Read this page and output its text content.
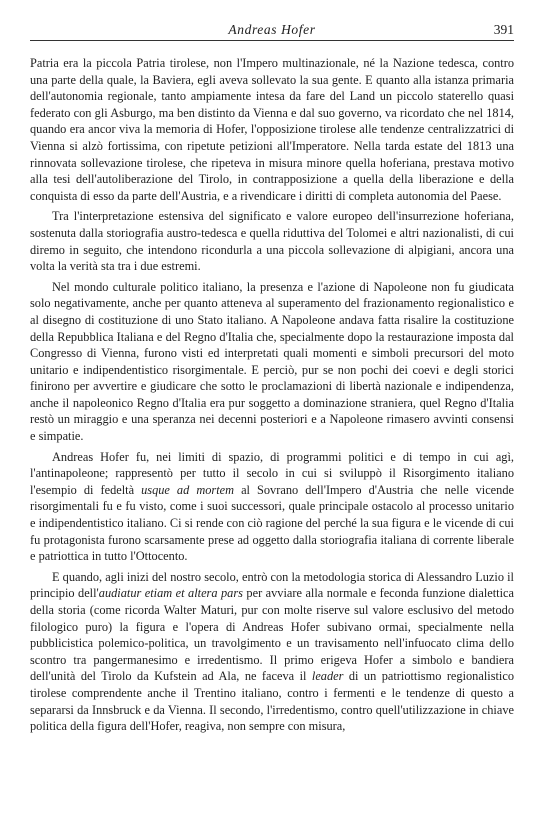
Andreas Hofer	391

Patria era la piccola Patria tirolese, non l'Impero multinazionale, né la Nazione tedesca, contro una parte della quale, la Baviera, egli aveva sollevato la sua gente. E quanto alla istanza primaria dell'autonomia regionale, tanto ampiamente intesa da fare del Land un piccolo staterello quasi federato con gli Asburgo, ma ben distinto da Vienna e dal suo governo, va ricordato che nel 1814, quando era ancor viva la memoria di Hofer, l'opposizione tirolese alle tendenze centralizzatrici di Vienna si alzò fortissima, con ripetute petizioni all'Imperatore. Nella tarda estate del 1813 una rinnovata sollevazione tirolese, che ripeteva in misura minore quella hoferiana, prestava motivo alla tesi dell'autoliberazione del Tirolo, in contrapposizione a quella della liberazione e della conquista di esso da parte dell'Austria, e a rivendicare i diritti di completa autonomia del Paese.

Tra l'interpretazione estensiva del significato e valore europeo dell'insurrezione hoferiana, sostenuta dalla storiografia austro-tedesca e quella riduttiva del Tolomei e altri nazionalisti, di cui diremo in seguito, che intendono ricondurla a una piccola sollevazione di alpigiani, ancora una volta la verità sta tra i due estremi.

Nel mondo culturale politico italiano, la presenza e l'azione di Napoleone non fu giudicata solo negativamente, anche per quanto atteneva al superamento del frazionamento regionalistico e al disegno di costituzione di uno Stato italiano. A Napoleone andava fatta risalire la costituzione della Repubblica Italiana e del Regno d'Italia che, specialmente dopo la restaurazione imposta dal Congresso di Vienna, furono visti ed interpretati quali momenti e simboli precursori del moto unitario e indipendentistico risorgimentale. E perciò, pur se non pochi dei coevi e degli storici finirono per avvertire e giudicare che sotto le proclamazioni di libertà nazionale e indipendenza, anche il napoleonico Regno d'Italia era pur soggetto a dominazione straniera, quel Regno d'Italia restò un miraggio e una speranza nei decenni posteriori e a Napoleone rimasero avvinti consensi e simpatie.

Andreas Hofer fu, nei limiti di spazio, di programmi politici e di tempo in cui agì, l'antinapoleone; rappresentò per tutto il secolo in cui si sviluppò il Risorgimento italiano l'esempio di fedeltà usque ad mortem al Sovrano dell'Impero d'Austria che nelle vicende risorgimentali fu e fu visto, come i suoi successori, quale principale ostacolo al processo unitario e indipendentistico italiano. Ci si rende con ciò ragione del perché la sua figura e le vicende di cui fu protagonista furono scarsamente prese ad oggetto dalla storiografia italiana di corrente liberale e patriottica in tutto l'Ottocento.

E quando, agli inizi del nostro secolo, entrò con la metodologia storica di Alessandro Luzio il principio dell'audiatur etiam et altera pars per avviare alla normale e feconda funzione dialettica della storia (come ricorda Walter Maturi, pur con molte riserve sul valore esclusivo del metodo filologico puro) la figura e l'opera di Andreas Hofer subivano ormai, specialmente nella pubblicistica polemico-politica, un travolgimento e un travisamento nell'infuocato clima dello scontro tra pangermanesimo e irredentismo. Il primo erigeva Hofer a simbolo e bandiera dell'unità del Tirolo da Kufstein ad Ala, ne faceva il leader di un patriottismo regionalistico tirolese comprendente anche il Trentino italiano, contro i fermenti e le tendenze di questo a separarsi da Innsbruck e da Vienna. Il secondo, l'irredentismo, contro quell'utilizzazione in chiave politica della figura dell'Hofer, reagiva, non sempre con misura,
